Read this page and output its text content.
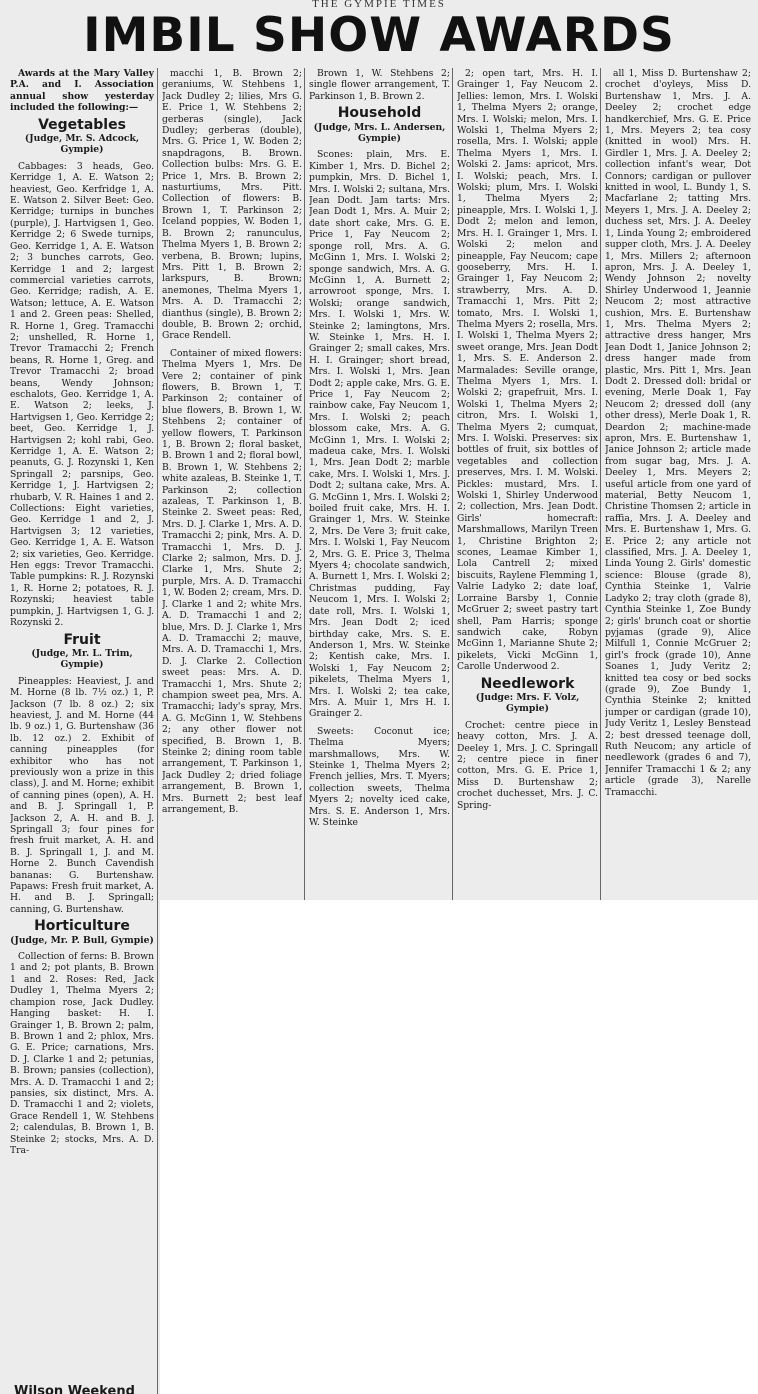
THE GYMPIE TIMES
IMBIL SHOW AWARDS

Awards at the Mary Valley P.A. and I. Association annual show yesterday included the following:—

Vegetables

(Judge, Mr. S. Adcock, Gympie)

Cabbages: 3 heads, Geo. Kerridge 1, A. E. Watson 2; heaviest, Geo. Kerfridge 1, A. E. Watson 2. Silver Beet: Geo. Kerridge; turnips in bunches (purple), J. Hartvigsen 1, Geo. Kerridge 2; 6 Swede turnips, Geo. Kerridge 1, A. E. Watson 2; 3 bunches carrots, Geo. Kerridge 1 and 2; largest commercial varieties carrots, Geo. Kerridge; radish, A. E. Watson; lettuce, A. E. Watson 1 and 2. Green peas: Shelled, R. Horne 1, Greg. Tramacchi 2; unshelled, R. Horne 1, Trevor Tramacchi 2; French beans, R. Horne 1, Greg. and Trevor Tramacchi 2; broad beans, Wendy Johnson; eschalots, Geo. Kerridge 1, A. E. Watson 2; leeks, J. Hartvigsen 1, Geo. Kerridge 2; beet, Geo. Kerridge 1, J. Hartvigsen 2; kohl rabi, Geo. Kerridge 1, A. E. Watson 2; peanuts, G. J. Rozynski 1, Ken Springall 2; parsnips, Geo. Kerridge 1, J. Hartvigsen 2; rhubarb, V. R. Haines 1 and 2. Collections: Eight varieties, Geo. Kerridge 1 and 2, J. Hartvigsen 3; 12 varieties, Geo. Kerridge 1, A. E. Watson 2; six varieties, Geo. Kerridge. Hen eggs: Trevor Tramacchi. Table pumpkins: R. J. Rozynski 1, R. Horne 2; potatoes, R. J. Rozynski; heaviest table pumpkin, J. Hartvigsen 1, G. J. Rozynski 2.

Fruit

(Judge, Mr. L. Trim, Gympie)

Pineapples: Heaviest, J. and M. Horne (8 lb. 7½ oz.) 1, P. Jackson (7 lb. 8 oz.) 2; six heaviest, J. and M. Horne (44 lb. 9 oz.) 1, G. Burtenshaw (36 lb. 12 oz.) 2. Exhibit of canning pineapples (for exhibitor who has not previously won a prize in this class), J. and M. Horne; exhibit of canning pines (open), A. H. and B. J. Springall 1, P. Jackson 2, A. H. and B. J. Springall 3; four pines for fresh fruit market, A. H. and B. J. Springall 1, J. and M. Horne 2. Bunch Cavendish bananas: G. Burtenshaw. Papaws: Fresh fruit market, A. H. and B. J. Springall; canning, G. Burtenshaw.

Horticulture

(Judge, Mr. P. Bull, Gympie)

Collection of ferns: B. Brown 1 and 2; pot plants, B. Brown 1 and 2. Roses: Red, Jack Dudley 1, Thelma Myers 2; champion rose, Jack Dudley. Hanging basket: H. I. Grainger 1, B. Brown 2; palm, B. Brown 1 and 2; phlox, Mrs. G. E. Price; carnations, Mrs. D. J. Clarke 1 and 2; petunias, B. Brown; pansies (collection), Mrs. A. D. Tramacchi 1 and 2; pansies, six distinct, Mrs. A. D. Tramacchi 1 and 2; violets, Grace Rendell 1, W. Stehbens 2; calendulas, B. Brown 1, B. Steinke 2; stocks, Mrs. A. D. Tra-

Wilson Weekend

macchi 1, B. Brown 2; geraniums, W. Stehbens 1, Jack Dudley 2; lilies, Mrs G. E. Price 1, W. Stehbens 2; gerberas (single), Jack Dudley; gerberas (double), Mrs. G. Price 1, W. Boden 2; snapdragons, B. Brown. Collection bulbs: Mrs. G. E. Price 1, Mrs. B. Brown 2; nasturtiums, Mrs. Pitt. Collection of flowers: B. Brown 1, T. Parkinson 2; Iceland poppies, W. Boden 1, B. Brown 2; ranunculus, Thelma Myers 1, B. Brown 2; verbena, B. Brown; lupins, Mrs. Pitt 1, B. Brown 2; larkspurs, B. Brown; anemones, Thelma Myers 1, Mrs. A. D. Tramacchi 2; dianthus (single), B. Brown 2; double, B. Brown 2; orchid, Grace Rendell.

Container of mixed flowers: Thelma Myers 1, Mrs. De Vere 2; container of pink flowers, B. Brown 1, T. Parkinson 2; container of blue flowers, B. Brown 1, W. Stehbens 2; container of yellow flowers, T. Parkinson 1, B. Brown 2; floral basket, B. Brown 1 and 2; floral bowl, B. Brown 1, W. Stehbens 2; white azaleas, B. Steinke 1, T. Parkinson 2; collection azaleas, T. Parkinson 1, B. Steinke 2. Sweet peas: Red, Mrs. D. J. Clarke 1, Mrs. A. D. Tramacchi 2; pink, Mrs. A. D. Tramacchi 1, Mrs. D. J. Clarke 2; salmon, Mrs. D. J. Clarke 1, Mrs. Shute 2; purple, Mrs. A. D. Tramacchi 1, W. Boden 2; cream, Mrs. D. J. Clarke 1 and 2; white Mrs. A. D. Tramacchi 1 and 2; blue, Mrs. D. J. Clarke 1, Mrs A. D. Tramacchi 2; mauve, Mrs. A. D. Tramacchi 1, Mrs. D. J. Clarke 2. Collection sweet peas: Mrs. A. D. Tramacchi 1, Mrs. Shute 2; champion sweet pea, Mrs. A. Tramacchi; lady's spray, Mrs. A. G. McGinn 1, W. Stehbens 2; any other flower not specified, B. Brown 1, B. Steinke 2; dining room table arrangement, T. Parkinson 1, Jack Dudley 2; dried foliage arrangement, B. Brown 1, Mrs. Burnett 2; best leaf arrangement, B.

Brown 1, W. Stehbens 2; single flower arrangement, T. Parkinson 1, B. Brown 2.

Household

(Judge, Mrs. L. Andersen, Gympie)

Scones: plain, Mrs. E. Kimber 1, Mrs. D. Bichel 2; pumpkin, Mrs. D. Bichel 1, Mrs. I. Wolski 2; sultana, Mrs. Jean Dodt. Jam tarts: Mrs. Jean Dodt 1, Mrs. A. Muir 2; date short cake, Mrs. G. E. Price 1, Fay Neucom 2; sponge roll, Mrs. A. G. McGinn 1, Mrs. I. Wolski 2; sponge sandwich, Mrs. A. G. McGinn 1, A. Burnett 2; arrowroot sponge, Mrs. I. Wolski; orange sandwich, Mrs. I. Wolski 1, Mrs. W. Steinke 2; lamingtons, Mrs. W. Steinke 1, Mrs. H. I. Grainger 2; small cakes, Mrs. H. I. Grainger; short bread, Mrs. I. Wolski 1, Mrs. Jean Dodt 2; apple cake, Mrs. G. E. Price 1, Fay Neucom 2; rainbow cake, Fay Neucom 1, Mrs. I. Wolski 2; peach blossom cake, Mrs. A. G. McGinn 1, Mrs. I. Wolski 2; madeua cake, Mrs. I. Wolski 1, Mrs. Jean Dodt 2; marble cake, Mrs. I. Wolski 1, Mrs. J. Dodt 2; sultana cake, Mrs. A. G. McGinn 1, Mrs. I. Wolski 2; boiled fruit cake, Mrs. H. I. Grainger 1, Mrs. W. Steinke 2, Mrs. De Vere 3; fruit cake, Mrs. I. Wolski 1, Fay Neucom 2, Mrs. G. E. Price 3, Thelma Myers 4; chocolate sandwich, A. Burnett 1, Mrs. I. Wolski 2; Christmas pudding, Fay Neucom 1, Mrs. I. Wolski 2; date roll, Mrs. I. Wolski 1, Mrs. Jean Dodt 2; iced birthday cake, Mrs. S. E. Anderson 1, Mrs. W. Steinke 2; Kentish cake, Mrs. I. Wolski 1, Fay Neucom 2; pikelets, Thelma Myers 1, Mrs. I. Wolski 2; tea cake, Mrs. A. Muir 1, Mrs H. I. Grainger 2.

Sweets: Coconut ice; Thelma Myers; marshmallows, Mrs. W. Steinke 1, Thelma Myers 2; French jellies, Mrs. T. Myers; collection sweets, Thelma Myers 2; novelty iced cake, Mrs. S. E. Anderson 1, Mrs. W. Steinke

2; open tart, Mrs. H. I. Grainger 1, Fay Neucom 2. Jellies: lemon, Mrs. I. Wolski 1, Thelma Myers 2; orange, Mrs. I. Wolski; melon, Mrs. I. Wolski 1, Thelma Myers 2; rosella, Mrs. I. Wolski; apple Thelma Myers 1, Mrs. I. Wolski 2. Jams: apricot, Mrs. I. Wolski; peach, Mrs. I. Wolski; plum, Mrs. I. Wolski 1, Thelma Myers 2; pineapple, Mrs. I. Wolski 1, J. Dodt 2; melon and lemon, Mrs. H. I. Grainger 1, Mrs. I. Wolski 2; melon and pineapple, Fay Neucom; cape gooseberry, Mrs. H. I. Grainger 1, Fay Neucom 2; strawberry, Mrs. A. D. Tramacchi 1, Mrs. Pitt 2; tomato, Mrs. I. Wolski 1, Thelma Myers 2; rosella, Mrs. I. Wolski 1, Thelma Myers 2; sweet orange, Mrs. Jean Dodt 1, Mrs. S. E. Anderson 2. Marmalades: Seville orange, Thelma Myers 1, Mrs. I. Wolski 2; grapefruit, Mrs. I. Wolski 1, Thelma Myers 2; citron, Mrs. I. Wolski 1, Thelma Myers 2; cumquat, Mrs. I. Wolski. Preserves: six bottles of fruit, six bottles of vegetables and collection preserves, Mrs. I. M. Wolski. Pickles: mustard, Mrs. I. Wolski 1, Shirley Underwood 2; collection, Mrs. Jean Dodt. Girls' homecraft: Marshmallows, Marilyn Treen 1, Christine Brighton 2; scones, Leamae Kimber 1, Lola Cantrell 2; mixed biscuits, Raylene Flemming 1, Valrie Ladyko 2; date loaf, Lorraine Barsby 1, Connie McGruer 2; sweet pastry tart shell, Pam Harris; sponge sandwich cake, Robyn McGinn 1, Marianne Shute 2; pikelets, Vicki McGinn 1, Carolle Underwood 2.

Needlework

(Judge: Mrs. F. Volz, Gympie)

Crochet: centre piece in heavy cotton, Mrs. J. A. Deeley 1, Mrs. J. C. Springall 2; centre piece in finer cotton, Mrs. G. E. Price 1, Miss D. Burtenshaw 2; crochet duchesset, Mrs. J. C. Spring-

all 1, Miss D. Burtenshaw 2; crochet d'oyleys, Miss D. Burtenshaw 1, Mrs. J. A. Deeley 2; crochet edge handkerchief, Mrs. G. E. Price 1, Mrs. Meyers 2; tea cosy (knitted in wool) Mrs. H. Girdler 1, Mrs. J. A. Deeley 2; collection infant's wear, Dot Connors; cardigan or pullover knitted in wool, L. Bundy 1, S. Macfarlane 2; tatting Mrs. Meyers 1, Mrs. J. A. Deeley 2; duchess set, Mrs. J. A. Deeley 1, Linda Young 2; embroidered supper cloth, Mrs. J. A. Deeley 1, Mrs. Millers 2; afternoon apron, Mrs. J. A. Deeley 1, Wendy Johnson 2; novelty Shirley Underwood 1, Jeannie Neucom 2; most attractive cushion, Mrs. E. Burtenshaw 1, Mrs. Thelma Myers 2; attractive dress hanger, Mrs Jean Dodt 1, Janice Johnson 2; dress hanger made from plastic, Mrs. Pitt 1, Mrs. Jean Dodt 2. Dressed doll: bridal or evening, Merle Doak 1, Fay Neucom 2; dressed doll (any other dress), Merle Doak 1, R. Deardon 2; machine-made apron, Mrs. E. Burtenshaw 1, Janice Johnson 2; article made from sugar bag, Mrs. J. A. Deeley 1, Mrs. Meyers 2; useful article from one yard of material, Betty Neucom 1, Christine Thomsen 2; article in raffia, Mrs. J. A. Deeley and Mrs. E. Burtenshaw 1, Mrs. G. E. Price 2; any article not classified, Mrs. J. A. Deeley 1, Linda Young 2. Girls' domestic science: Blouse (grade 8), Cynthia Steinke 1, Valrie Ladyko 2; tray cloth (grade 8), Cynthia Steinke 1, Zoe Bundy 2; girls' brunch coat or shortie pyjamas (grade 9), Alice Milfull 1, Connie McGruer 2; girl's frock (grade 10), Anne Soanes 1, Judy Veritz 2; knitted tea cosy or bed socks (grade 9), Zoe Bundy 1, Cynthia Steinke 2; knitted jumper or cardigan (grade 10), Judy Veritz 1, Lesley Benstead 2; best dressed teenage doll, Ruth Neucom; any article of needlework (grades 6 and 7), Jennifer Tramacchi 1 & 2; any article (grade 3), Narelle Tramacchi.
